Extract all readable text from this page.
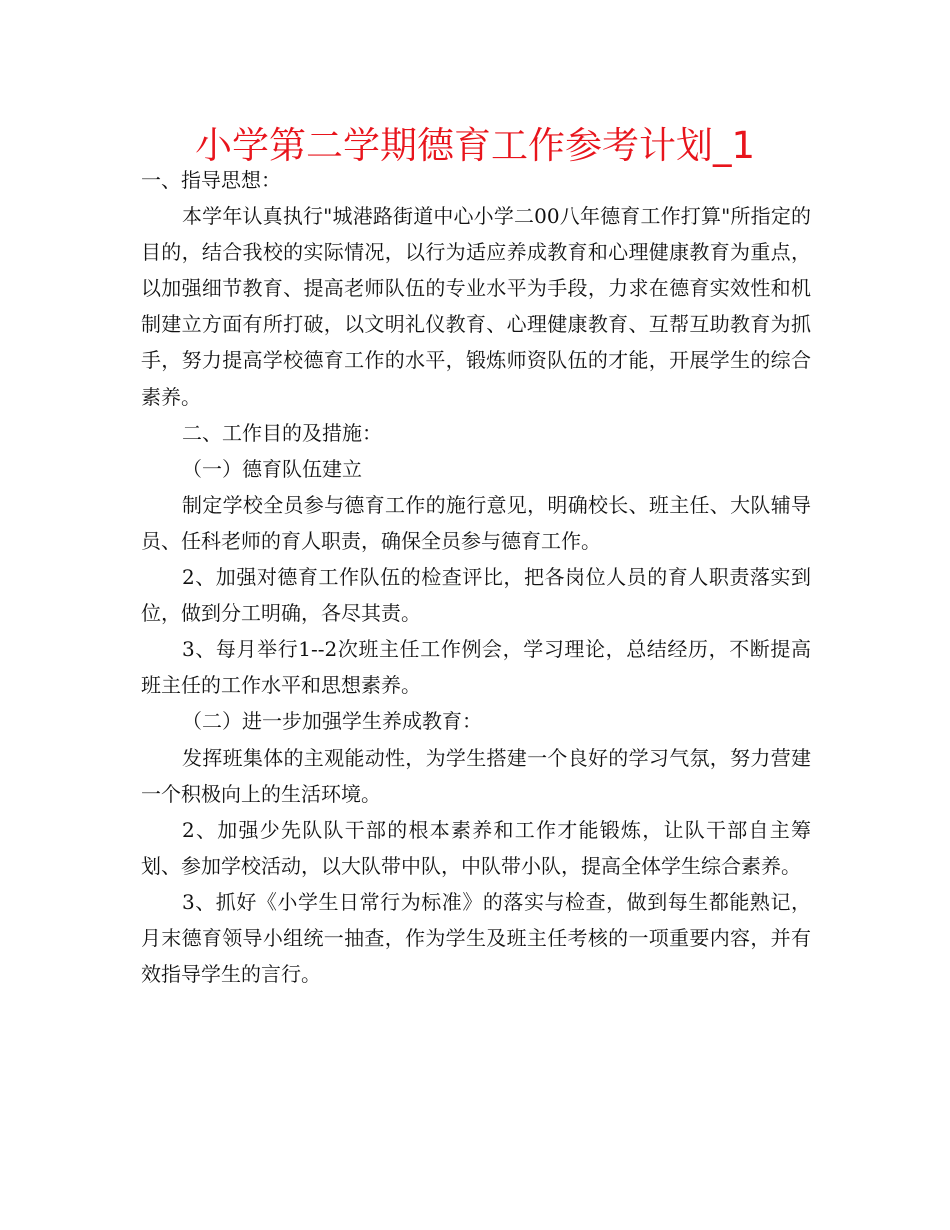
小学第二学期德育工作参考计划_1

一、指导思想：

本学年认真执行"城港路街道中心小学二00八年德育工作打算"所指定的目的，结合我校的实际情况，以行为适应养成教育和心理健康教育为重点，以加强细节教育、提高老师队伍的专业水平为手段，力求在德育实效性和机制建立方面有所打破，以文明礼仪教育、心理健康教育、互帮互助教育为抓手，努力提高学校德育工作的水平，锻炼师资队伍的才能，开展学生的综合素养。

二、工作目的及措施：

（一）德育队伍建立

制定学校全员参与德育工作的施行意见，明确校长、班主任、大队辅导员、任科老师的育人职责，确保全员参与德育工作。

2、加强对德育工作队伍的检查评比，把各岗位人员的育人职责落实到位，做到分工明确，各尽其责。

3、每月举行1--2次班主任工作例会，学习理论，总结经历，不断提高班主任的工作水平和思想素养。

（二）进一步加强学生养成教育：

发挥班集体的主观能动性，为学生搭建一个良好的学习气氛，努力营建一个积极向上的生活环境。

2、加强少先队队干部的根本素养和工作才能锻炼，让队干部自主筹划、参加学校活动，以大队带中队，中队带小队，提高全体学生综合素养。

3、抓好《小学生日常行为标准》的落实与检查，做到每生都能熟记，月末德育领导小组统一抽查，作为学生及班主任考核的一项重要内容，并有效指导学生的言行。
